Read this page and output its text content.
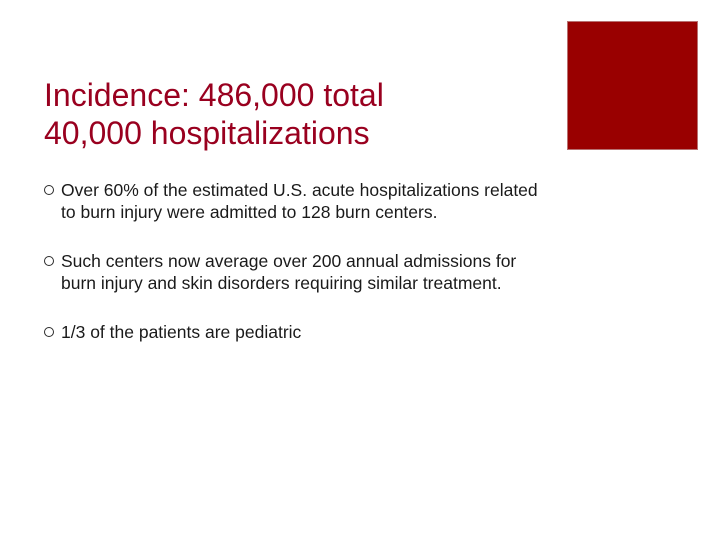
Incidence: 486,000 total
40,000 hospitalizations
Over 60% of the estimated U.S. acute hospitalizations related to burn injury were admitted to 128 burn centers.
Such centers now average over 200 annual admissions for burn injury and skin disorders requiring similar treatment.
1/3 of the patients are pediatric
